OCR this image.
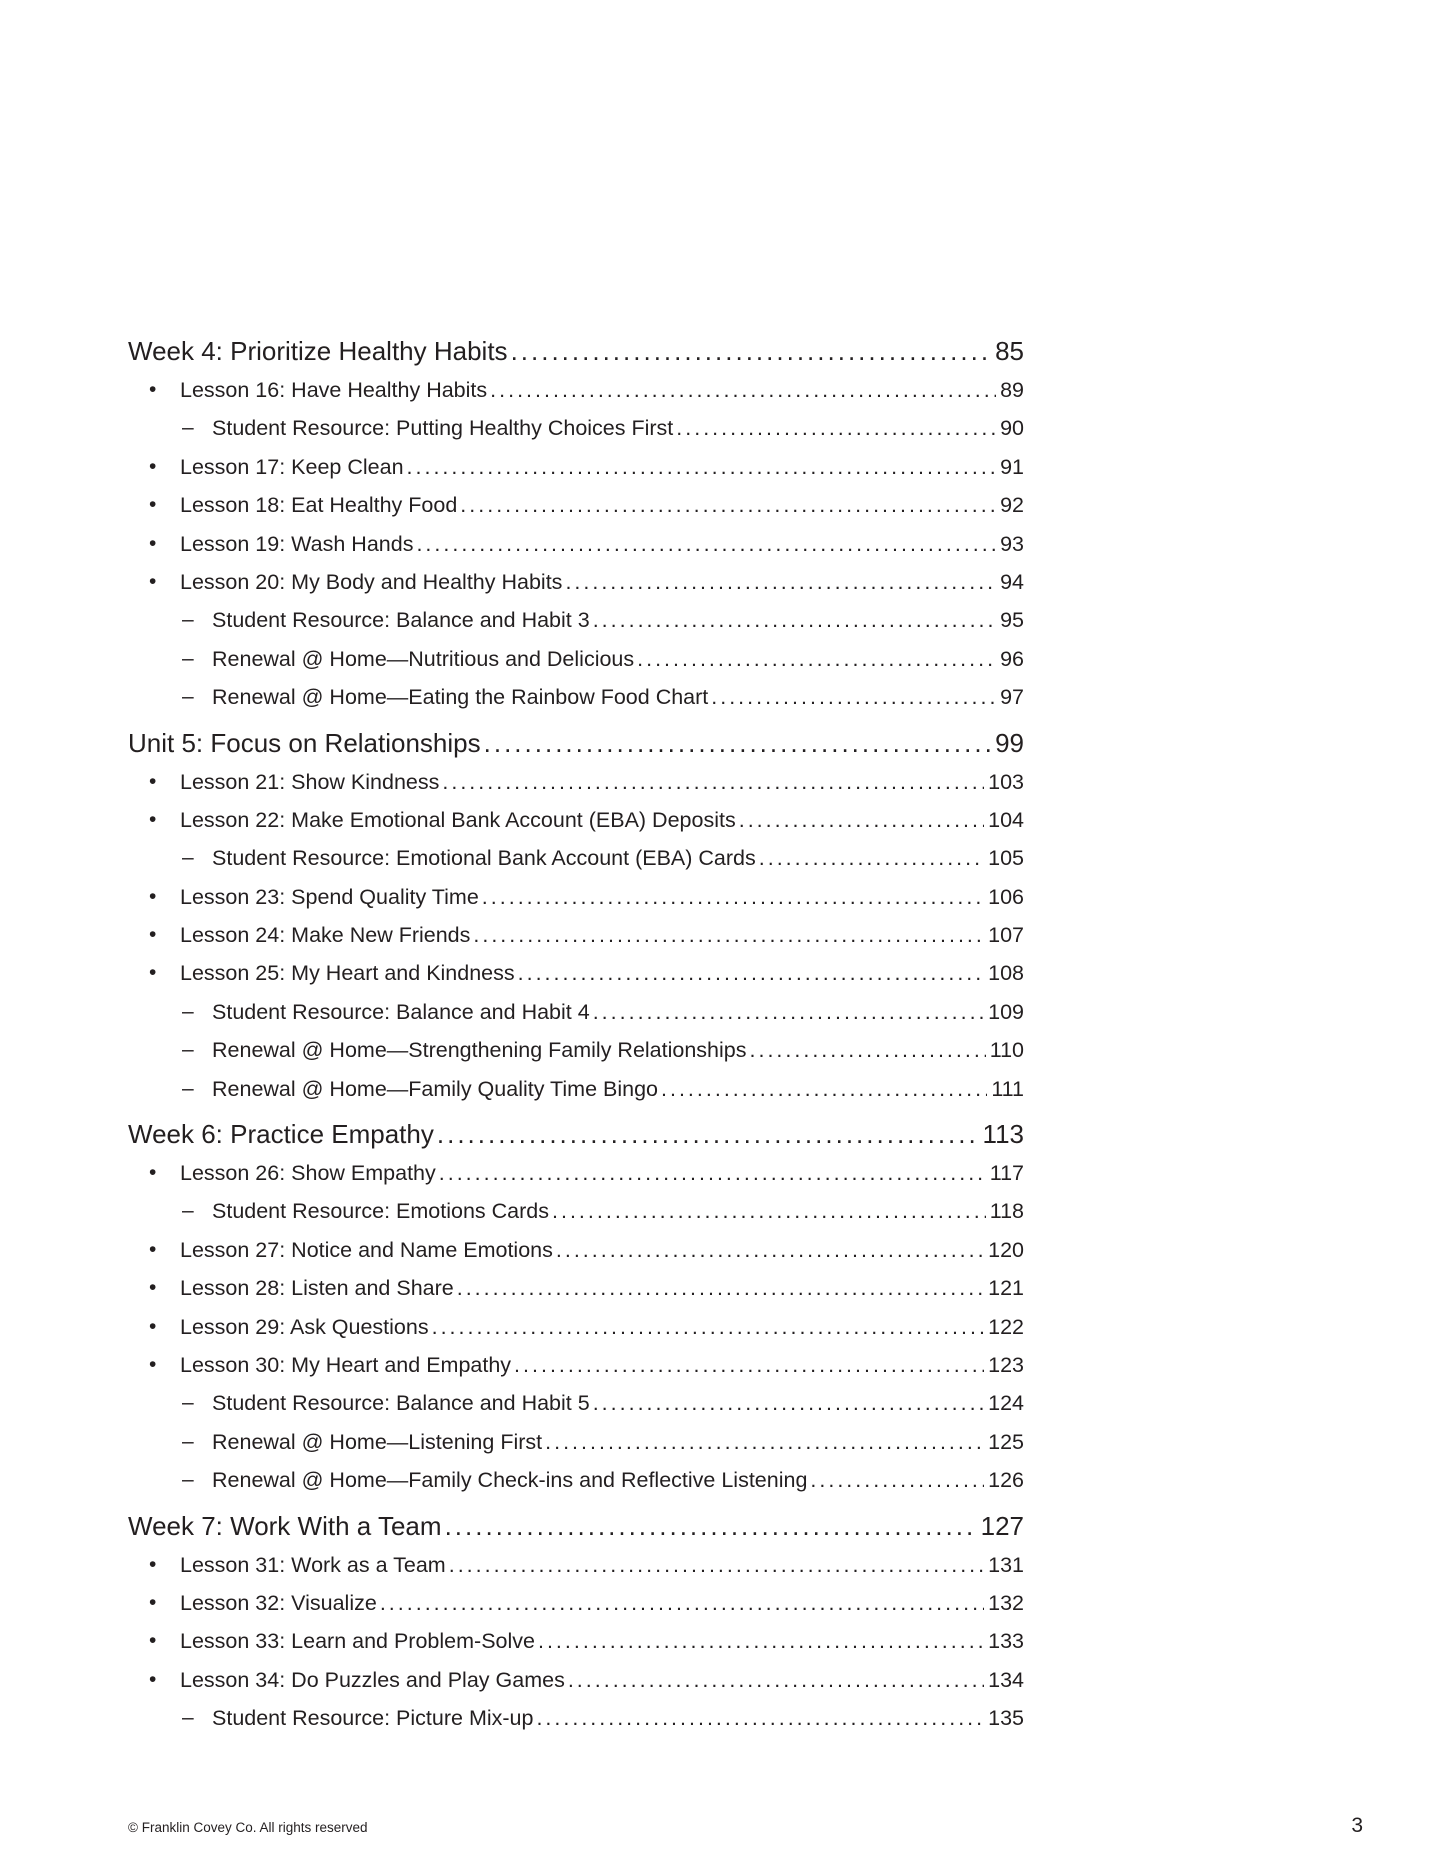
Week 4: Prioritize Healthy Habits .....	85
• Lesson 16: Have Healthy Habits .....	89
– Student Resource: Putting Healthy Choices First .....	90
• Lesson 17: Keep Clean .....	91
• Lesson 18: Eat Healthy Food .....	92
• Lesson 19: Wash Hands .....	93
• Lesson 20: My Body and Healthy Habits .....	94
– Student Resource: Balance and Habit 3 .....	95
– Renewal @ Home—Nutritious and Delicious .....	96
– Renewal @ Home—Eating the Rainbow Food Chart .....	97
Unit 5: Focus on Relationships .....	99
• Lesson 21: Show Kindness .....	103
• Lesson 22: Make Emotional Bank Account (EBA) Deposits .....	104
– Student Resource: Emotional Bank Account (EBA) Cards .....	105
• Lesson 23: Spend Quality Time .....	106
• Lesson 24: Make New Friends .....	107
• Lesson 25: My Heart and Kindness .....	108
– Student Resource: Balance and Habit 4 .....	109
– Renewal @ Home—Strengthening Family Relationships .....	110
– Renewal @ Home—Family Quality Time Bingo .....	111
Week 6: Practice Empathy .....	113
• Lesson 26: Show Empathy .....	117
– Student Resource: Emotions Cards .....	118
• Lesson 27: Notice and Name Emotions .....	120
• Lesson 28: Listen and Share .....	121
• Lesson 29: Ask Questions .....	122
• Lesson 30: My Heart and Empathy .....	123
– Student Resource: Balance and Habit 5 .....	124
– Renewal @ Home—Listening First .....	125
– Renewal @ Home—Family Check-ins and Reflective Listening .....	126
Week 7: Work With a Team .....	127
• Lesson 31: Work as a Team .....	131
• Lesson 32: Visualize .....	132
• Lesson 33: Learn and Problem-Solve .....	133
• Lesson 34: Do Puzzles and Play Games .....	134
– Student Resource: Picture Mix-up .....	135
© Franklin Covey Co. All rights reserved	3
